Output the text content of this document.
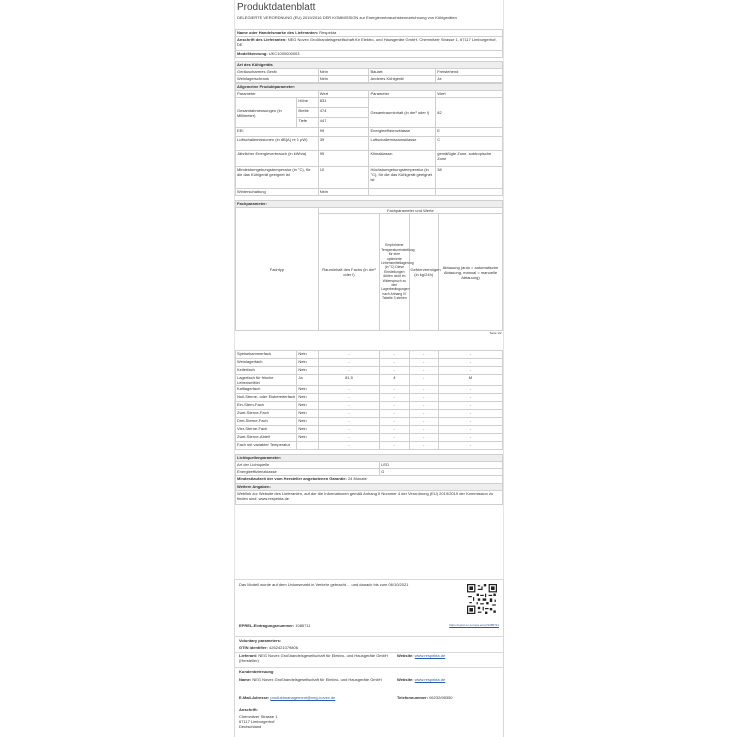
Produktdatenblatt
DELEGIERTE VERORDNUNG (EU) 2019/2016 DER KOMMISSION zur Energieverbrauchskennzeichnung von Kühlgeräten
Name oder Handelsmarke des Lieferanten: Respekta
Anschrift des Lieferanten: NEG Novex Großhandelsgesellschaft für Elektro- und Hausgeräte GmbH, Chemnitzer Strasse 1, 67117 Limburgerhof, DE
Modellkennung: UKC1000000003
Art des Kühlgeräts			
Geräuscharmes Gerät	Nein	Bauart:	Freistehend
Weinlagerschrank	Nein	Anderes Kühlgerät	Ja
Allgemeine Produktparameter:				
Parameter		Wert	Parameter	Wert
Gesamtabmessungen (in Millimeter)	Höhe	831	Gesamtrauminhalt (in dm³ oder l)	82
	Breite	474		
	Tiefe	447		
EEI		99	Energieeffizienzklasse	E
Luftschallemissionen (in dB(A) re 1 pW)		39	Luftschallemissionsklasse	C
Jährlicher Energieverbrauch (in kWh/a)		95	Klimaklasse:	gemäßigte Zone, subtropische Zone
Mindestumgebungstemperatur (in °C), für die das Kühlgerät geeignet ist		10	Höchstumgebungstemperatur (in °C), für die das Kühlgerät geeignet ist	38
Winterschaltung		Nein		
Fachparameter:					
Fachtyp		Fachparameter und Werte			
		Rauminhalt des Fachs (in dm³ oder l)	Empfohlene Temperatureinstellung für eine optimierte Lebensmittellagerung (in °C) Diese Einstellungen dürfen nicht im Widerspruch zu den Lagerbedingungen nach Anhang IV Tabelle 3 stehen	Gefriervermögen (in kg/24h)	Abtauung (auto = automatische Abtauung, manual = manuelle Abtauung)
Seite 1/2					
Speisekammerfach	Nein	-	-	-	-
Weinlagerfach	Nein	-	-	-	-
Kellerfach	Nein	-	-	-	-
Lagerfach für frische Lebensmittel	Ja	81,5	4	-	M
Kaltlagerfach	Nein	-	-	-	-
Null-Sterne- oder Eisbereiterfach	Nein	-	-	-	-
Ein-Stern-Fach	Nein	-	-	-	-
Zwei-Sterne-Fach	Nein	-	-	-	-
Drei-Sterne-Fach	Nein	-	-	-	-
Vier-Sterne-Fach	Nein	-	-	-	-
Zwei-Sterne-Abteil	Nein	-	-	-	-
Fach mit variabler Temperatur		-	-	-	-
Lichtquellenparameter:	
Art der Lichtquelle	LED
Energieeffizienzklasse	G
Mindestlaufzeit der vom Hersteller angebotenen Garantie: 24 Monate	
Weitere Angaben:	
Weblink zur Website des Lieferanten, auf der die Informationen gemäß Anhang II Nummer 4 der Verordnung (EU) 2019/2019 der Kommission zu finden sind: www.respekta.de	
Das Modell wurde auf dem Unionsmarkt in Verkehr gebracht ... und danach bis zum 06/10/2021
EPREL-Eintragungsnummer: 1085711	https://eprel.ec.europa.eu/qr/1085711
Voluntary parameters:
GTIN identifier: 4262421079806
Lieferant: NEG Novex Großhandelsgesellschaft für Elektro- und Hausgeräte GmbH (Hersteller)
Website: www.respekta.de
Kundenbetreuung
Name: NEG Novex Großhandelsgesellschaft für Elektro- und Hausgeräte GmbH	Website: www.respekta.de
E-Mail-Adresse: produktmanagement@neg-novex.de	Telefonnummer: 06232/98350
Anschrift:
Chemnitzer Strasse 1
67117 Limburgerhof
Deutschland
